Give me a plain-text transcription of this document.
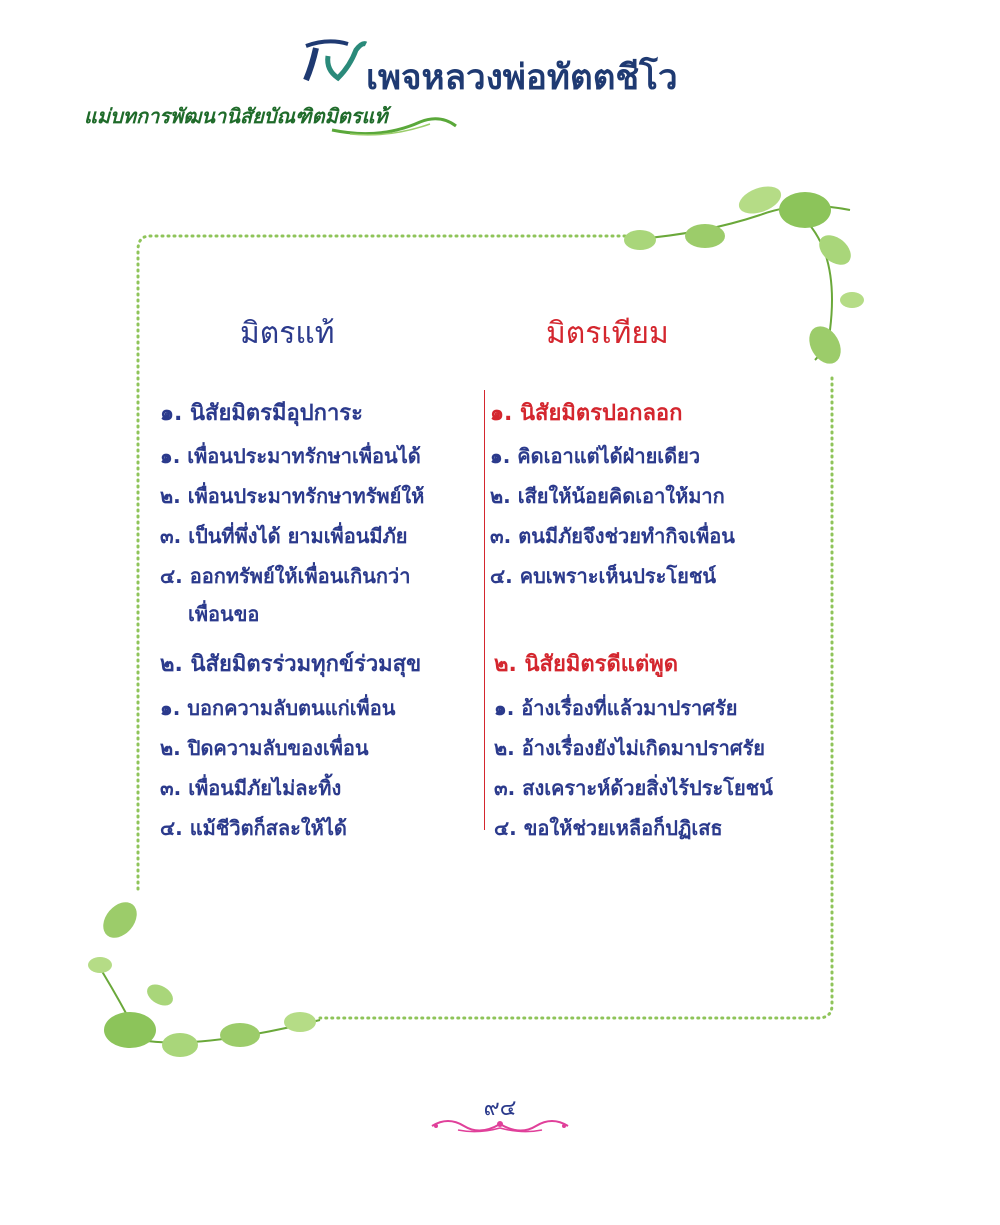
เพจหลวงพ่อทัตตชีโว
แม่บทการพัฒนานิสัยบัณฑิตมิตรแท้
มิตรแท้	มิตรเทียม
๑. นิสัยมิตรมีอุปการะ
๑. เพื่อนประมาทรักษาเพื่อนได้
๒. เพื่อนประมาทรักษาทรัพย์ให้
๓. เป็นที่พึ่งได้ ยามเพื่อนมีภัย
๔. ออกทรัพย์ให้เพื่อนเกินกว่า
เพื่อนขอ
๒. นิสัยมิตรร่วมทุกข์ร่วมสุข
๑. บอกความลับตนแก่เพื่อน
๒. ปิดความลับของเพื่อน
๓. เพื่อนมีภัยไม่ละทิ้ง
๔. แม้ชีวิตก็สละให้ได้
๑. นิสัยมิตรปอกลอก
๑. คิดเอาแต่ได้ฝ่ายเดียว
๒. เสียให้น้อยคิดเอาให้มาก
๓. ตนมีภัยจึงช่วยทำกิจเพื่อน
๔. คบเพราะเห็นประโยชน์
๒. นิสัยมิตรดีแต่พูด
๑. อ้างเรื่องที่แล้วมาปราศรัย
๒. อ้างเรื่องยังไม่เกิดมาปราศรัย
๓. สงเคราะห์ด้วยสิ่งไร้ประโยชน์
๔. ขอให้ช่วยเหลือก็ปฏิเสธ
๙๔
